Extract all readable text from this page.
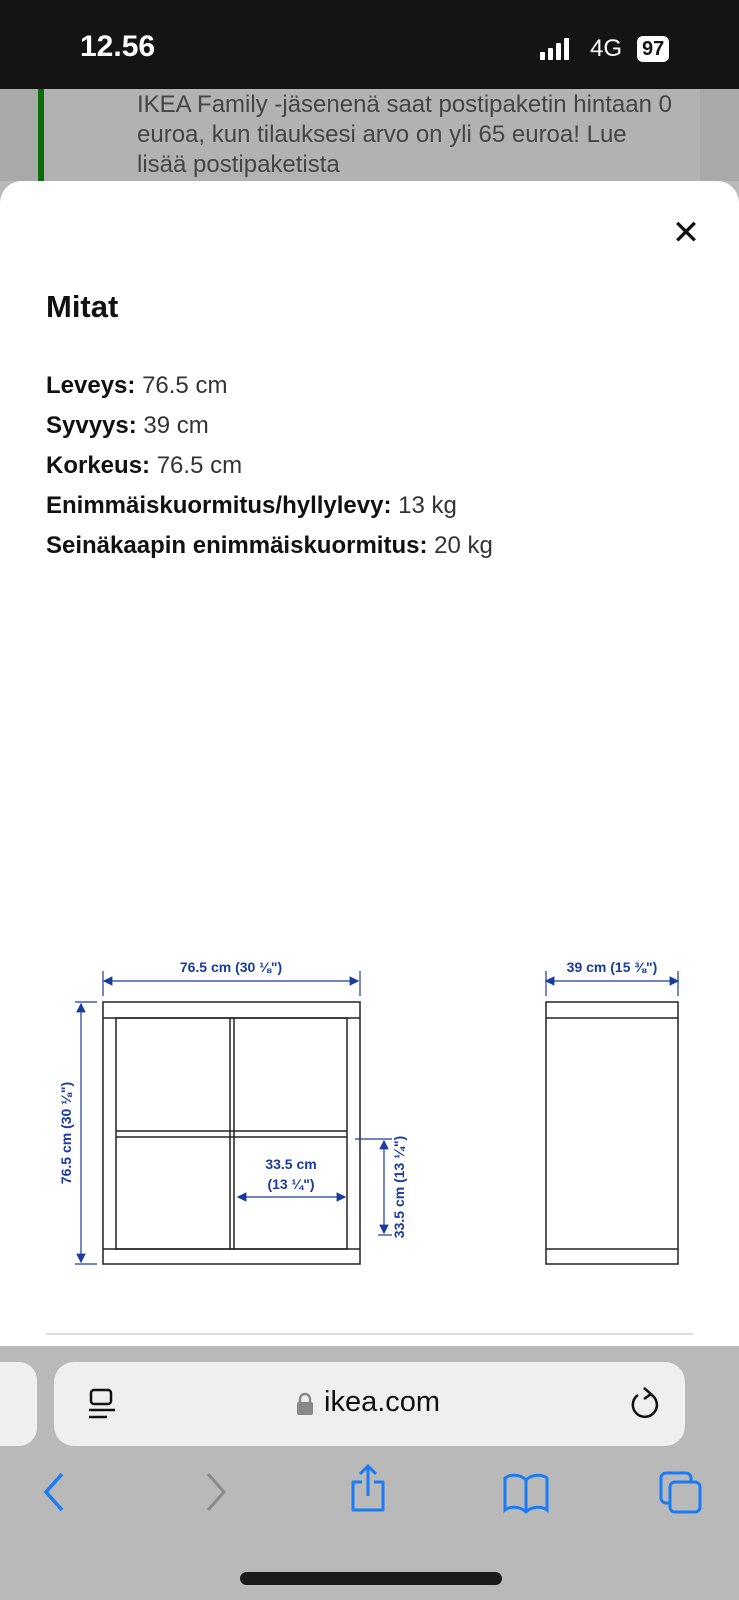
12.56	4G 97

IKEA Family -jäsenenä saat postipaketin hintaan 0 euroa, kun tilauksesi arvo on yli 65 euroa! Lue lisää postipaketista

✕
Mitat
Leveys: 76.5 cm
Syvyys: 39 cm
Korkeus: 76.5 cm
Enimmäiskuormitus/hyllylevy: 13 kg
Seinäkaapin enimmäiskuormitus: 20 kg
76.5 cm (30 ⅛")	39 cm (15 ⅜")
76.5 cm (30 ⅛")	33.5 cm
(13 ¼")	33.5 cm (13 ¼")
ikea.com
